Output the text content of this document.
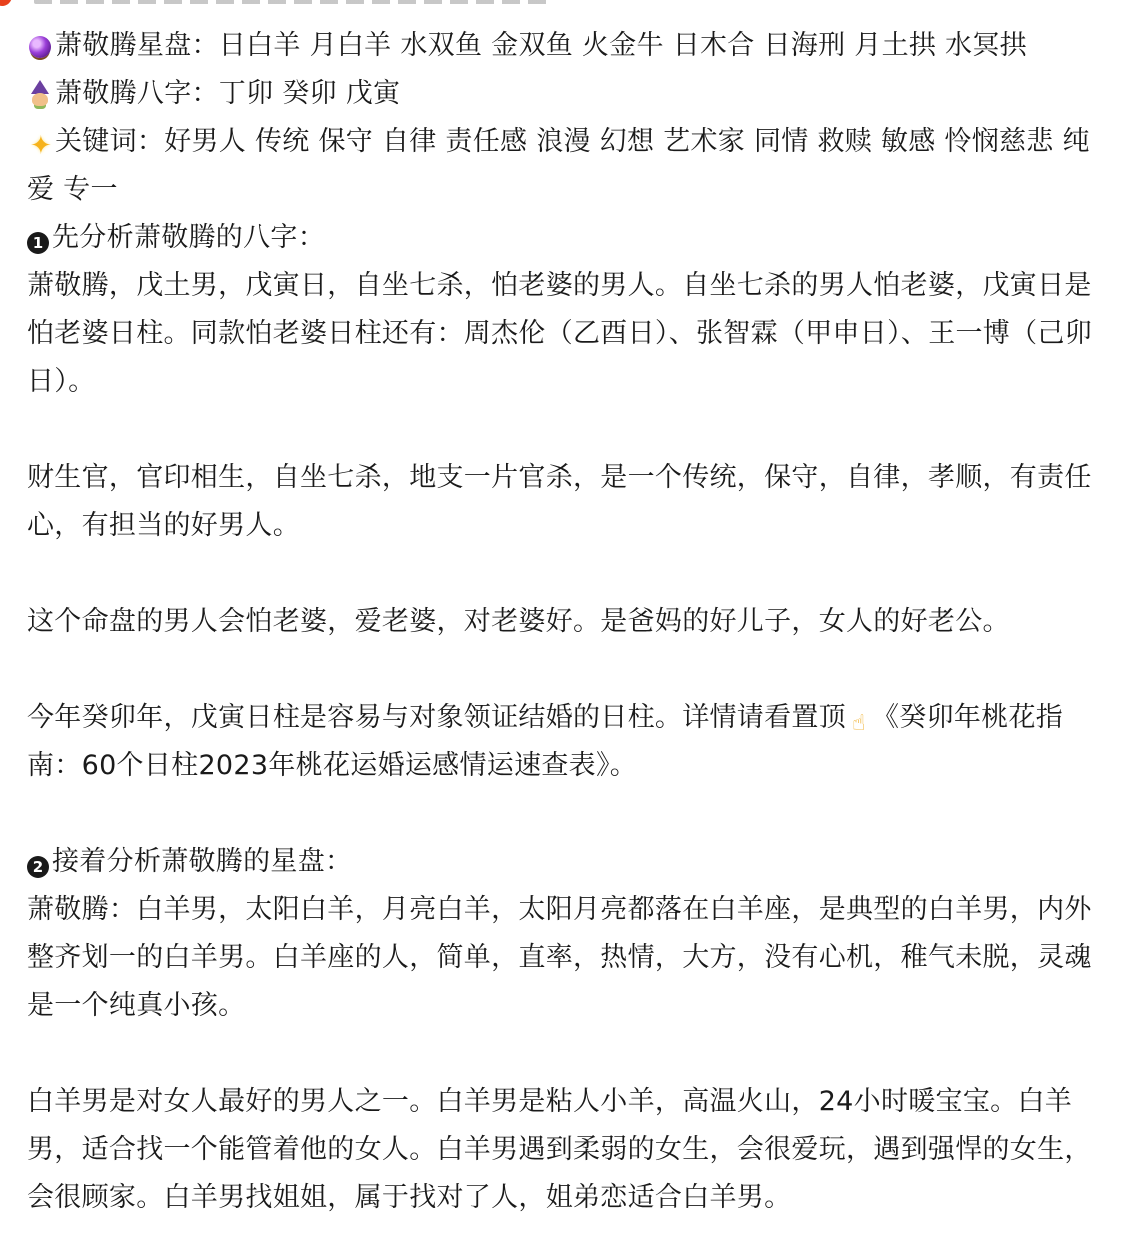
萧敬腾星盘：日白羊 月白羊 水双鱼 金双鱼 火金牛 日木合 日海刑 月土拱 水冥拱

萧敬腾八字：丁卯 癸卯 戊寅

✦ 关键词：好男人 传统 保守 自律 责任感 浪漫 幻想 艺术家 同情 救赎 敏感 怜悯慈悲 纯爱 专一

1 先分析萧敬腾的八字：

萧敬腾，戊土男，戊寅日，自坐七杀，怕老婆的男人。自坐七杀的男人怕老婆，戊寅日是怕老婆日柱。同款怕老婆日柱还有：周杰伦（乙酉日）、张智霖（甲申日）、王一博（己卯日）。

财生官，官印相生，自坐七杀，地支一片官杀，是一个传统，保守，自律，孝顺，有责任心，有担当的好男人。

这个命盘的男人会怕老婆，爱老婆，对老婆好。是爸妈的好儿子，女人的好老公。

今年癸卯年，戊寅日柱是容易与对象领证结婚的日柱。详情请看置顶 ☝ 《癸卯年桃花指南：60个日柱2023年桃花运婚运感情运速查表》。

2 接着分析萧敬腾的星盘：

萧敬腾：白羊男，太阳白羊，月亮白羊，太阳月亮都落在白羊座，是典型的白羊男，内外整齐划一的白羊男。白羊座的人，简单，直率，热情，大方，没有心机，稚气未脱，灵魂是一个纯真小孩。

白羊男是对女人最好的男人之一。白羊男是粘人小羊，高温火山，24小时暖宝宝。白羊男，适合找一个能管着他的女人。白羊男遇到柔弱的女生，会很爱玩，遇到强悍的女生，会很顾家。白羊男找姐姐，属于找对了人，姐弟恋适合白羊男。
